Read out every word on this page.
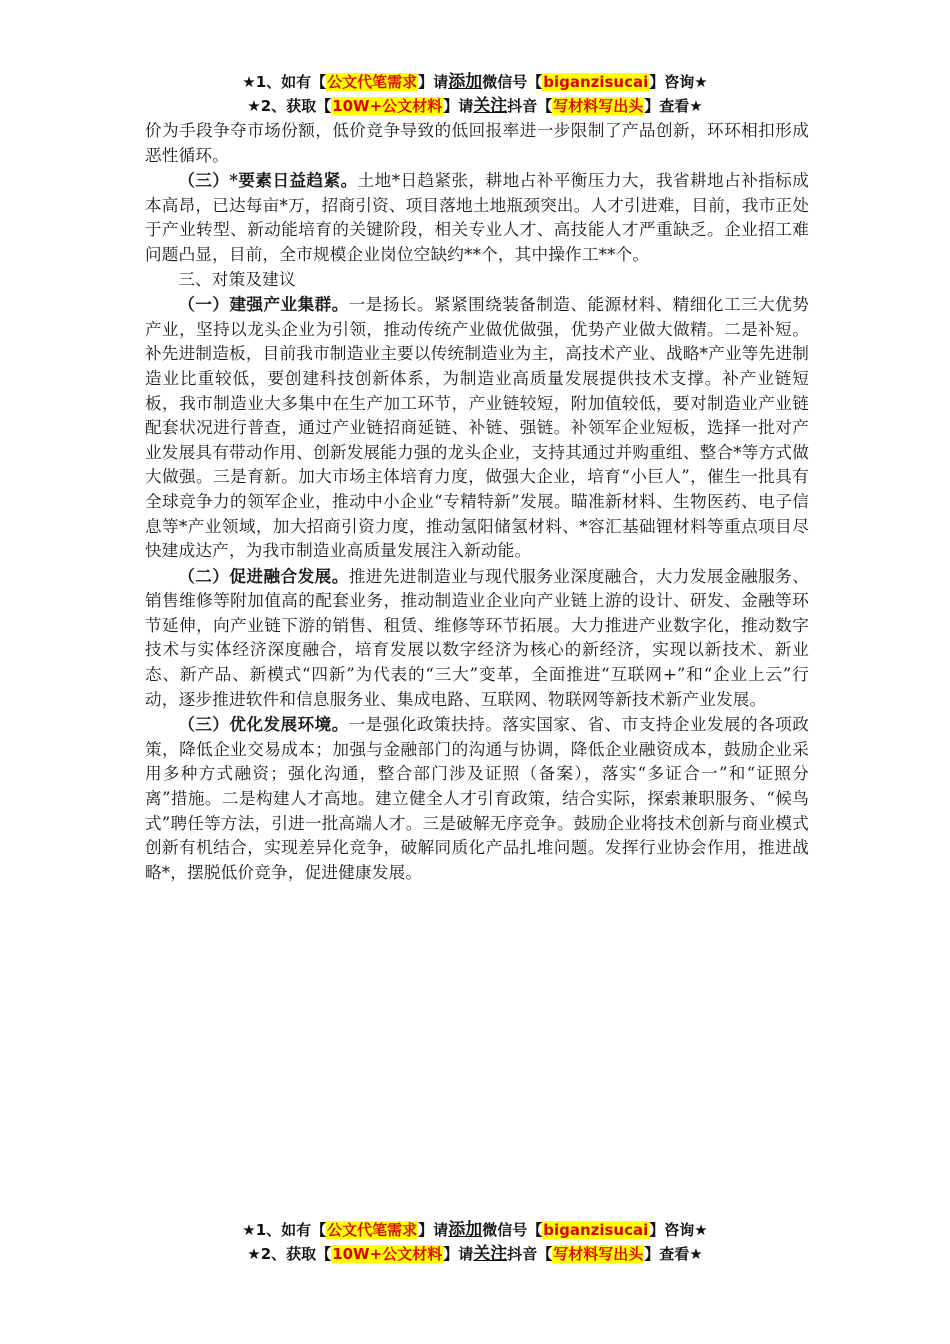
★1、如有【公文代笔需求】请添加微信号【biganzisucai】咨询★
★2、获取【10W+公文材料】请关注抖音【写材料写出头】查看★

价为手段争夺市场份额，低价竞争导致的低回报率进一步限制了产品创新，环环相扣形成恶性循环。

（三）*要素日益趋紧。土地*日趋紧张，耕地占补平衡压力大，我省耕地占补指标成本高昂，已达每亩*万，招商引资、项目落地土地瓶颈突出。人才引进难，目前，我市正处于产业转型、新动能培育的关键阶段，相关专业人才、高技能人才严重缺乏。企业招工难问题凸显，目前，全市规模企业岗位空缺约**个，其中操作工**个。

三、对策及建议

（一）建强产业集群。一是扬长。紧紧围绕装备制造、能源材料、精细化工三大优势产业，坚持以龙头企业为引领，推动传统产业做优做强，优势产业做大做精。二是补短。补先进制造板，目前我市制造业主要以传统制造业为主，高技术产业、战略*产业等先进制造业比重较低，要创建科技创新体系，为制造业高质量发展提供技术支撑。补产业链短板，我市制造业大多集中在生产加工环节，产业链较短，附加值较低，要对制造业产业链配套状况进行普查，通过产业链招商延链、补链、强链。补领军企业短板，选择一批对产业发展具有带动作用、创新发展能力强的龙头企业，支持其通过并购重组、整合*等方式做大做强。三是育新。加大市场主体培育力度，做强大企业，培育“小巨人”，催生一批具有全球竞争力的领军企业，推动中小企业“专精特新”发展。瞄准新材料、生物医药、电子信息等*产业领域，加大招商引资力度，推动氢阳储氢材料、*容汇基础锂材料等重点项目尽快建成达产，为我市制造业高质量发展注入新动能。

（二）促进融合发展。推进先进制造业与现代服务业深度融合，大力发展金融服务、销售维修等附加值高的配套业务，推动制造业企业向产业链上游的设计、研发、金融等环节延伸，向产业链下游的销售、租赁、维修等环节拓展。大力推进产业数字化，推动数字技术与实体经济深度融合，培育发展以数字经济为核心的新经济，实现以新技术、新业态、新产品、新模式“四新”为代表的“三大”变革，全面推进“互联网+”和“企业上云”行动，逐步推进软件和信息服务业、集成电路、互联网、物联网等新技术新产业发展。

（三）优化发展环境。一是强化政策扶持。落实国家、省、市支持企业发展的各项政策，降低企业交易成本；加强与金融部门的沟通与协调，降低企业融资成本，鼓励企业采用多种方式融资；强化沟通，整合部门涉及证照（备案），落实“多证合一”和“证照分离”措施。二是构建人才高地。建立健全人才引育政策，结合实际，探索兼职服务、“候鸟式”聘任等方法，引进一批高端人才。三是破解无序竞争。鼓励企业将技术创新与商业模式创新有机结合，实现差异化竞争，破解同质化产品扎堆问题。发挥行业协会作用，推进战略*，摆脱低价竞争，促进健康发展。

★1、如有【公文代笔需求】请添加微信号【biganzisucai】咨询★
★2、获取【10W+公文材料】请关注抖音【写材料写出头】查看★
